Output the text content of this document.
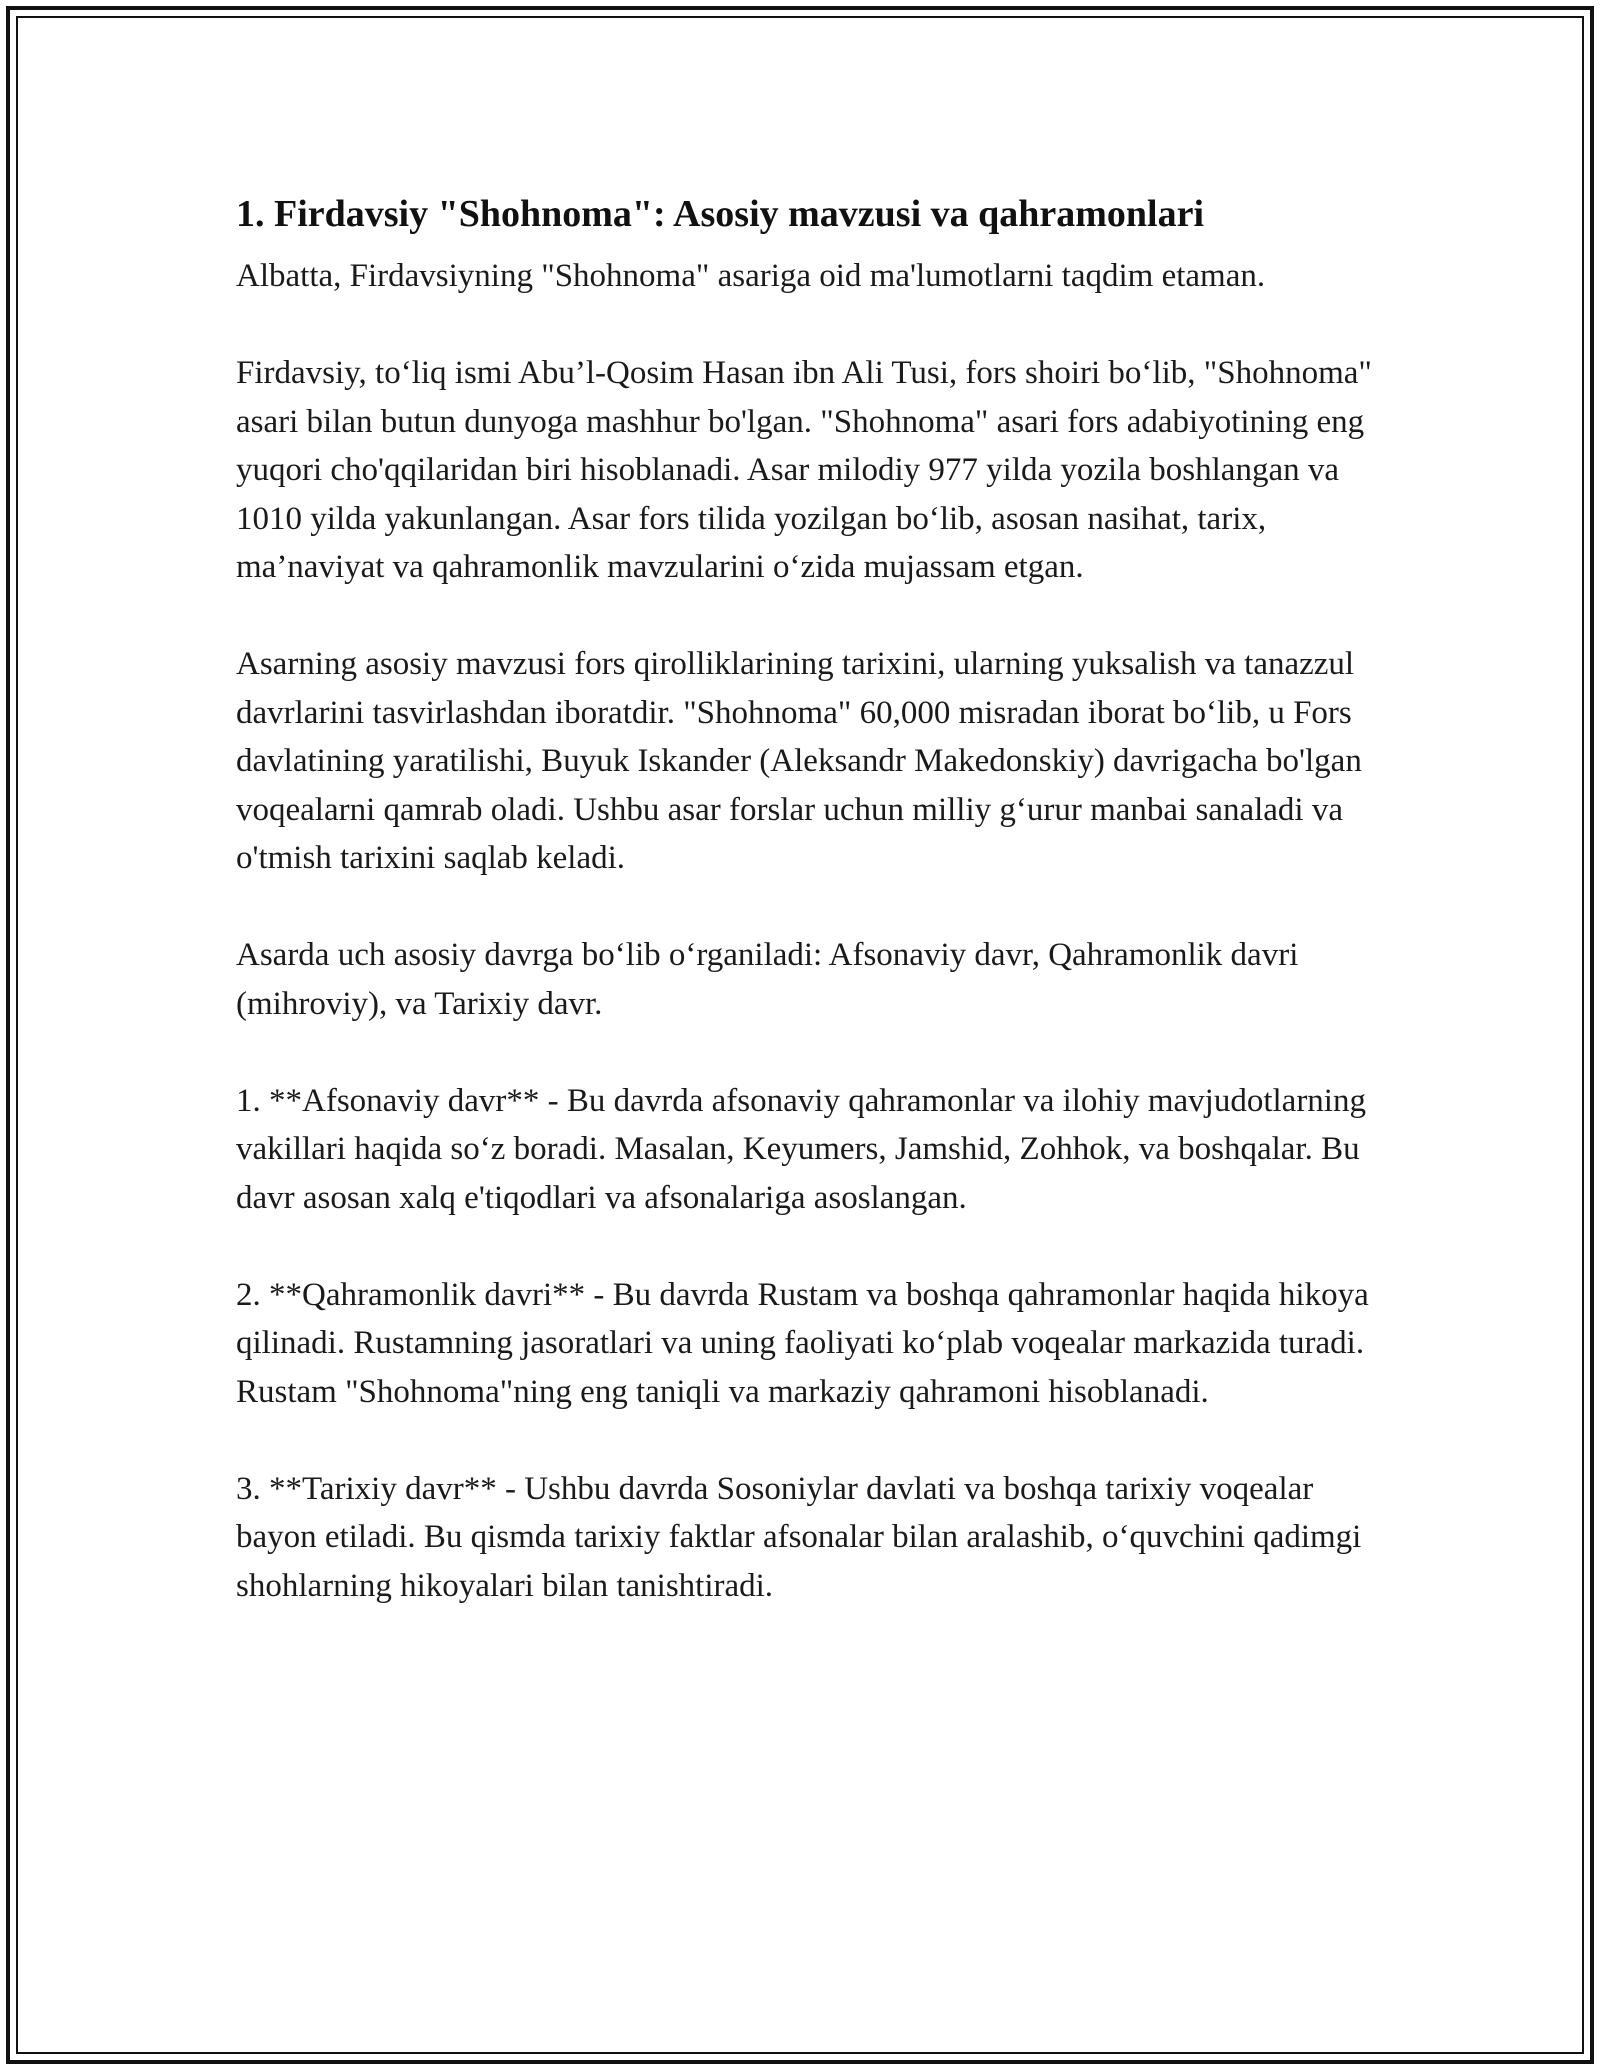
1. Firdavsiy "Shohnoma": Asosiy mavzusi va qahramonlari

Albatta, Firdavsiyning "Shohnoma" asariga oid ma'lumotlarni taqdim etaman.

Firdavsiy, to‘liq ismi Abu’l-Qosim Hasan ibn Ali Tusi, fors shoiri bo‘lib, "Shohnoma" asari bilan butun dunyoga mashhur bo'lgan. "Shohnoma" asari fors adabiyotining eng yuqori cho'qqilaridan biri hisoblanadi. Asar milodiy 977 yilda yozila boshlangan va 1010 yilda yakunlangan. Asar fors tilida yozilgan bo‘lib, asosan nasihat, tarix, ma’naviyat va qahramonlik mavzularini o‘zida mujassam etgan.

Asarning asosiy mavzusi fors qirolliklarining tarixini, ularning yuksalish va tanazzul davrlarini tasvirlashdan iboratdir. "Shohnoma" 60,000 misradan iborat bo‘lib, u Fors davlatining yaratilishi, Buyuk Iskander (Aleksandr Makedonskiy) davrigacha bo'lgan voqealarni qamrab oladi. Ushbu asar forslar uchun milliy g‘urur manbai sanaladi va o'tmish tarixini saqlab keladi.

Asarda uch asosiy davrga bo‘lib o‘rganiladi: Afsonaviy davr, Qahramonlik davri (mihroviy), va Tarixiy davr.

1. **Afsonaviy davr** - Bu davrda afsonaviy qahramonlar va ilohiy mavjudotlarning vakillari haqida so‘z boradi. Masalan, Keyumers, Jamshid, Zohhok, va boshqalar. Bu davr asosan xalq e'tiqodlari va afsonalariga asoslangan.

2. **Qahramonlik davri** - Bu davrda Rustam va boshqa qahramonlar haqida hikoya qilinadi. Rustamning jasoratlari va uning faoliyati ko‘plab voqealar markazida turadi. Rustam "Shohnoma"ning eng taniqli va markaziy qahramoni hisoblanadi.

3. **Tarixiy davr** - Ushbu davrda Sosoniylar davlati va boshqa tarixiy voqealar bayon etiladi. Bu qismda tarixiy faktlar afsonalar bilan aralashib, o‘quvchini qadimgi shohlarning hikoyalari bilan tanishtiradi.
